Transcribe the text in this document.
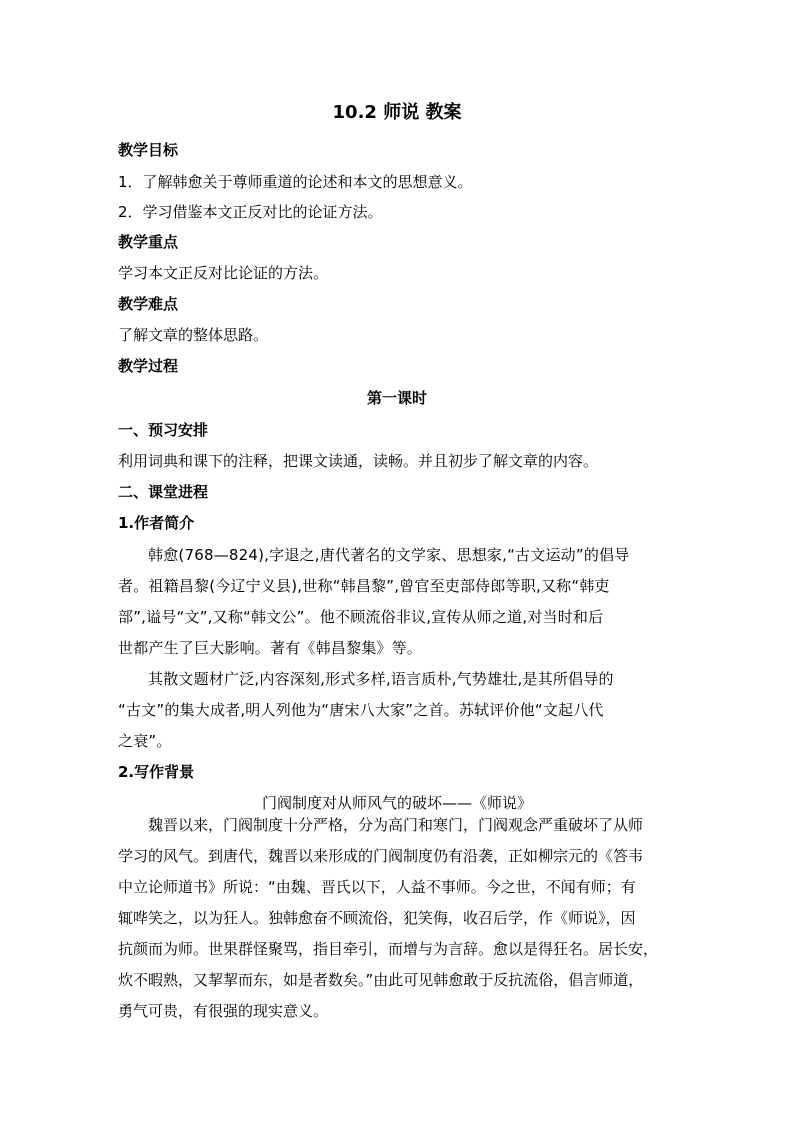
10.2 师说 教案
教学目标
1．了解韩愈关于尊师重道的论述和本文的思想意义。
2．学习借鉴本文正反对比的论证方法。
教学重点
学习本文正反对比论证的方法。
教学难点
了解文章的整体思路。
教学过程
第一课时
一、预习安排
利用词典和课下的注释，把课文读通，读畅。并且初步了解文章的内容。
二、课堂进程
1.作者简介
韩愈(768—824),字退之,唐代著名的文学家、思想家,“古文运动”的倡导
者。祖籍昌黎(今辽宁义县),世称“韩昌黎”,曾官至吏部侍郎等职,又称“韩吏
部”,谥号“文”,又称“韩文公”。他不顾流俗非议,宣传从师之道,对当时和后
世都产生了巨大影响。著有《韩昌黎集》等。
其散文题材广泛,内容深刻,形式多样,语言质朴,气势雄壮,是其所倡导的
“古文”的集大成者,明人列他为“唐宋八大家”之首。苏轼评价他“文起八代
之衰”。
2.写作背景
门阀制度对从师风气的破坏——《师说》
魏晋以来，门阀制度十分严格，分为高门和寒门，门阀观念严重破坏了从师
学习的风气。到唐代，魏晋以来形成的门阀制度仍有沿袭，正如柳宗元的《答韦
中立论师道书》所说：“由魏、晋氏以下，人益不事师。今之世，不闻有师；有
辄哗笑之，以为狂人。独韩愈奋不顾流俗，犯笑侮，收召后学，作《师说》，因
抗颜而为师。世果群怪聚骂，指目牵引，而增与为言辞。愈以是得狂名。居长安，
炊不暇熟，又挈挈而东，如是者数矣。”由此可见韩愈敢于反抗流俗，倡言师道，
勇气可贵，有很强的现实意义。
